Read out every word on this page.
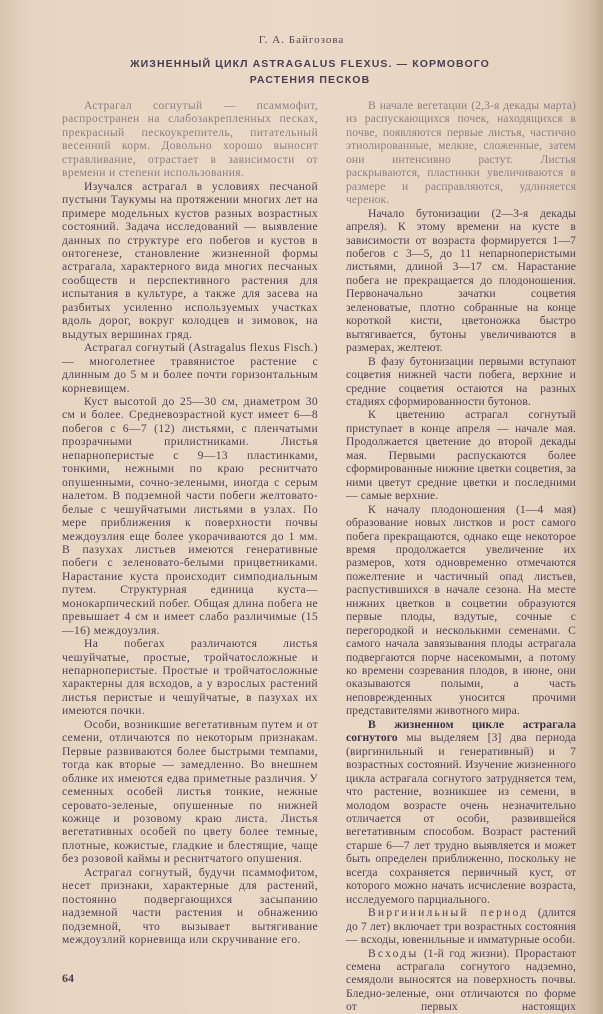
Г. А. Байгозова
ЖИЗНЕННЫЙ ЦИКЛ ASTRAGALUS FLEXUS. — КОРМОВОГО
РАСТЕНИЯ ПЕСКОВ

Астрагал согнутый — псаммофит, распространен на слабозакрепленных песках, прекрасный пескоукрепитель, питательный весенний корм. Довольно хорошо выносит стравливание, отрастает в зависимости от времени и степени использования.

Изучался астрагал в условиях песчаной пустыни Таукумы на протяжении многих лет на примере модельных кустов разных возрастных состояний. Задача исследований — выявление данных по структуре его побегов и кустов в онтогенезе, становление жизненной формы астрагала, характерного вида многих песчаных сообществ и перспективного растения для испытания в культуре, а также для засева на разбитых усиленно используемых участках вдоль дорог, вокруг колодцев и зимовок, на выдутых вершинах гряд.

Астрагал согнутый (Astragalus flexus Fisch.) — многолетнее травянистое растение с длинным до 5 м и более почти горизонтальным корневищем.

Куст высотой до 25—30 см, диаметром 30 см и более. Средневозрастной куст имеет 6—8 побегов с 6—7 (12) листьями, с пленчатыми прозрачными прилистниками. Листья непарноперистые с 9—13 пластинками, тонкими, нежными по краю реснитчато опушенными, сочно-зелеными, иногда с серым налетом. В подземной части побеги желтовато-белые с чешуйчатыми листьями в узлах. По мере приближения к поверхности почвы междоузлия еще более укорачиваются до 1 мм. В пазухах листьев имеются генеративные побеги с зеленовато-белыми прицветниками. Нарастание куста происходит симподиальным путем. Структурная единица куста—монокарпический побег. Общая длина побега не превышает 4 см и имеет слабо различимые (15—16) междоузлия.

На побегах различаются листья чешуйчатые, простые, тройчатосложные и непарноперистые. Простые и тройчатосложные характерны для всходов, а у взрослых растений листья перистые и чешуйчатые, в пазухах их имеются почки.

Особи, возникшие вегетативным путем и от семени, отличаются по некоторым признакам. Первые развиваются более быстрыми темпами, тогда как вторые — замедленно. Во внешнем облике их имеются едва приметные различия. У семенных особей листья тонкие, нежные серовато-зеленые, опушенные по нижней кожице и розовому краю листа. Листья вегетативных особей по цвету более темные, плотные, кожистые, гладкие и блестящие, чаще без розовой каймы и реснитчатого опушения.

Астрагал согнутый, будучи псаммофитом, несет признаки, характерные для растений, постоянно подвергающихся засыпанию надземной части растения и обнажению подземной, что вызывает вытягивание междоузлий корневища или скручивание его.

В начале вегетации (2,3-я декады марта) из распускающихся почек, находящихся в почве, появляются первые листья, частично этиолированные, мелкие, сложенные, затем они интенсивно растут. Листья раскрываются, пластинки увеличиваются в размере и расправляются, удлиняется черенок.

Начало бутонизации (2—3-я декады апреля). К этому времени на кусте в зависимости от возраста формируется 1—7 побегов с 3—5, до 11 непарноперистыми листьями, длиной 3—17 см. Нарастание побега не прекращается до плодоношения. Первоначально зачатки соцветия зеленоватые, плотно собранные на конце короткой кисти, цветоножка быстро вытягивается, бутоны увеличиваются в размерах, желтеют.

В фазу бутонизации первыми вступают соцветия нижней части побега, верхние и средние соцветия остаются на разных стадиях сформированности бутонов.

К цветению астрагал согнутый приступает в конце апреля — начале мая. Продолжается цветение до второй декады мая. Первыми распускаются более сформированные нижние цветки соцветия, за ними цветут средние цветки и последними — самые верхние.

К началу плодоношения (1—4 мая) образование новых листков и рост самого побега прекращаются, однако еще некоторое время продолжается увеличение их размеров, хотя одновременно отмечаются пожелтение и частичный опад листьев, распустившихся в начале сезона. На месте нижних цветков в соцветии образуются первые плоды, вздутые, сочные с перегородкой и несколькими семенами. С самого начала завязывания плоды астрагала подвергаются порче насекомыми, а потому ко времени созревания плодов, в июне, они оказываются полыми, а часть неповрежденных уносится прочими представителями животного мира.

В жизненном цикле астрагала согнутого мы выделяем [3] два периода (виргинильный и генеративный) и 7 возрастных состояний. Изучение жизненного цикла астрагала согнутого затрудняется тем, что растение, возникшее из семени, в молодом возрасте очень незначительно отличается от особи, развившейся вегетативным способом. Возраст растений старше 6—7 лет трудно выявляется и может быть определен приближенно, поскольку не всегда сохраняется первичный куст, от которого можно начать исчисление возраста, исследуемого парциального.

Виргинильный период (длится до 7 лет) включает три возрастных состояния — всходы, ювенильные и имматурные особи.

Всходы (1-й год жизни). Прорастают семена астрагала согнутого надземно, семядоли выносятся на поверхность почвы. Бледно-зеленые, они отличаются по форме от первых настоящих

64
